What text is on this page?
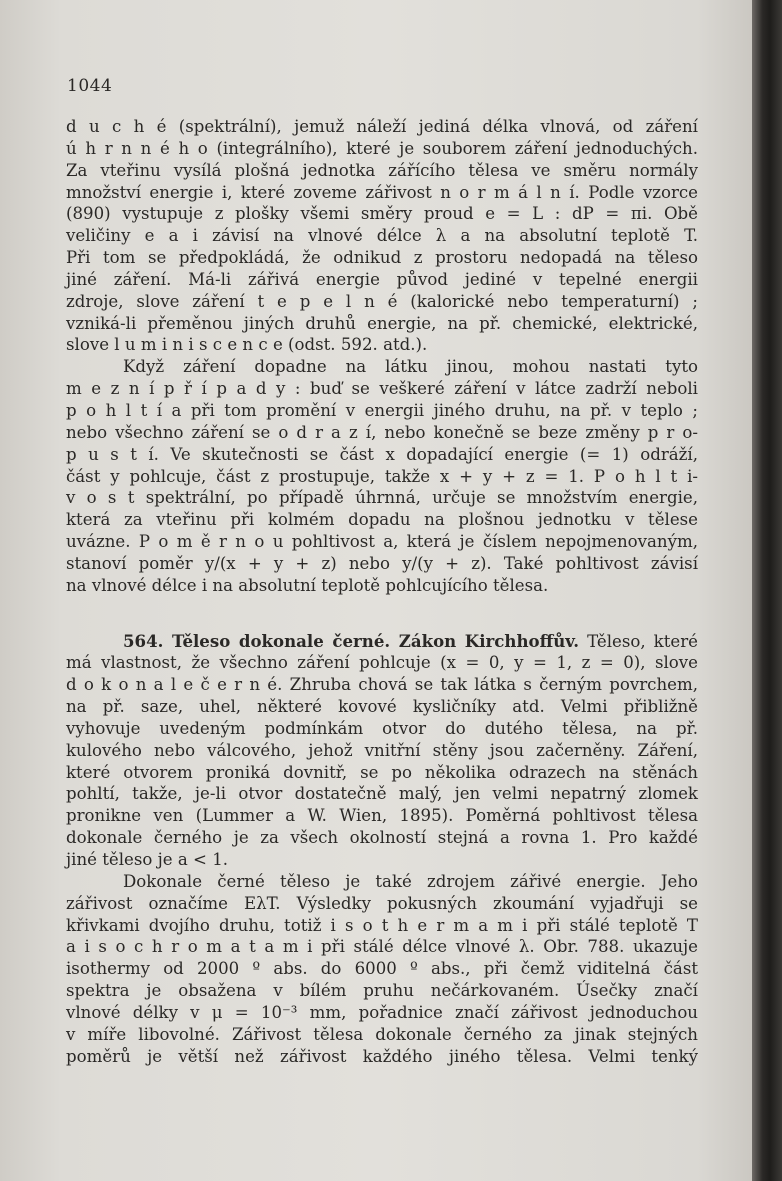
1044
d u c h é (spektrální), jemuž náleží jediná délka vlnová, od záření
ú h r n n é h o (integrálního), které je souborem záření jednoduchých.
Za vteřinu vysílá plošná jednotka zářícího tělesa ve směru normály
množství energie i, které zoveme zářivost n o r m á l n í. Podle vzorce
(890) vystupuje z plošky všemi směry proud e = L : dP = πi. Obě
veličiny e a i závisí na vlnové délce λ a na absolutní teplotě T.
Při tom se předpokládá, že odnikud z prostoru nedopadá na těleso
jiné záření. Má-li zářivá energie původ jediné v tepelné energii
zdroje, slove záření t e p e l n é (kalorické nebo temperaturní) ;
vzniká-li přeměnou jiných druhů energie, na př. chemické, elektrické,
slove l u m i n i s c e n c e (odst. 592. atd.).
Když záření dopadne na látku jinou, mohou nastati tyto
m e z n í p ř í p a d y : buď se veškeré záření v látce zadrží neboli
p o h l t í a při tom promění v energii jiného druhu, na př. v teplo ;
nebo všechno záření se o d r a z í, nebo konečně se beze změny p r o-
p u s t í. Ve skutečnosti se část x dopadající energie (= 1) odráží,
část y pohlcuje, část z prostupuje, takže x + y + z = 1. P o h l t i-
v o s t spektrální, po případě úhrnná, určuje se množstvím energie,
která za vteřinu při kolmém dopadu na plošnou jednotku v tělese
uvázne. P o m ě r n o u pohltivost a, která je číslem nepojmenovaným,
stanoví poměr y/(x + y + z) nebo y/(y + z). Také pohltivost závisí
na vlnové délce i na absolutní teplotě pohlcujícího tělesa.
564. Těleso dokonale černé. Zákon Kirchhoffův. Těleso, které
má vlastnost, že všechno záření pohlcuje (x = 0, y = 1, z = 0), slove
d o k o n a l e č e r n é. Zhruba chová se tak látka s černým povrchem,
na př. saze, uhel, některé kovové kysličníky atd. Velmi přibližně
vyhovuje uvedeným podmínkám otvor do dutého tělesa, na př.
kulového nebo válcového, jehož vnitřní stěny jsou začerněny. Záření,
které otvorem proniká dovnitř, se po několika odrazech na stěnách
pohltí, takže, je-li otvor dostatečně malý, jen velmi nepatrný zlomek
pronikne ven (Lummer a W. Wien, 1895). Poměrná pohltivost tělesa
dokonale černého je za všech okolností stejná a rovna 1. Pro každé
jiné těleso je a < 1.
Dokonale černé těleso je také zdrojem zářivé energie. Jeho
zářivost označíme EλT. Výsledky pokusných zkoumání vyjadřuji se
křivkami dvojího druhu, totiž i s o t h e r m a m i při stálé teplotě T
a i s o c h r o m a t a m i při stálé délce vlnové λ. Obr. 788. ukazuje
isothermy od 2000 º abs. do 6000 º abs., při čemž viditelná část
spektra je obsažena v bílém pruhu nečárkovaném. Úsečky značí
vlnové délky v μ = 10⁻³ mm, pořadnice značí zářivost jednoduchou
v míře libovolné. Zářivost tělesa dokonale černého za jinak stejných
poměrů je větší než zářivost každého jiného tělesa. Velmi tenký
